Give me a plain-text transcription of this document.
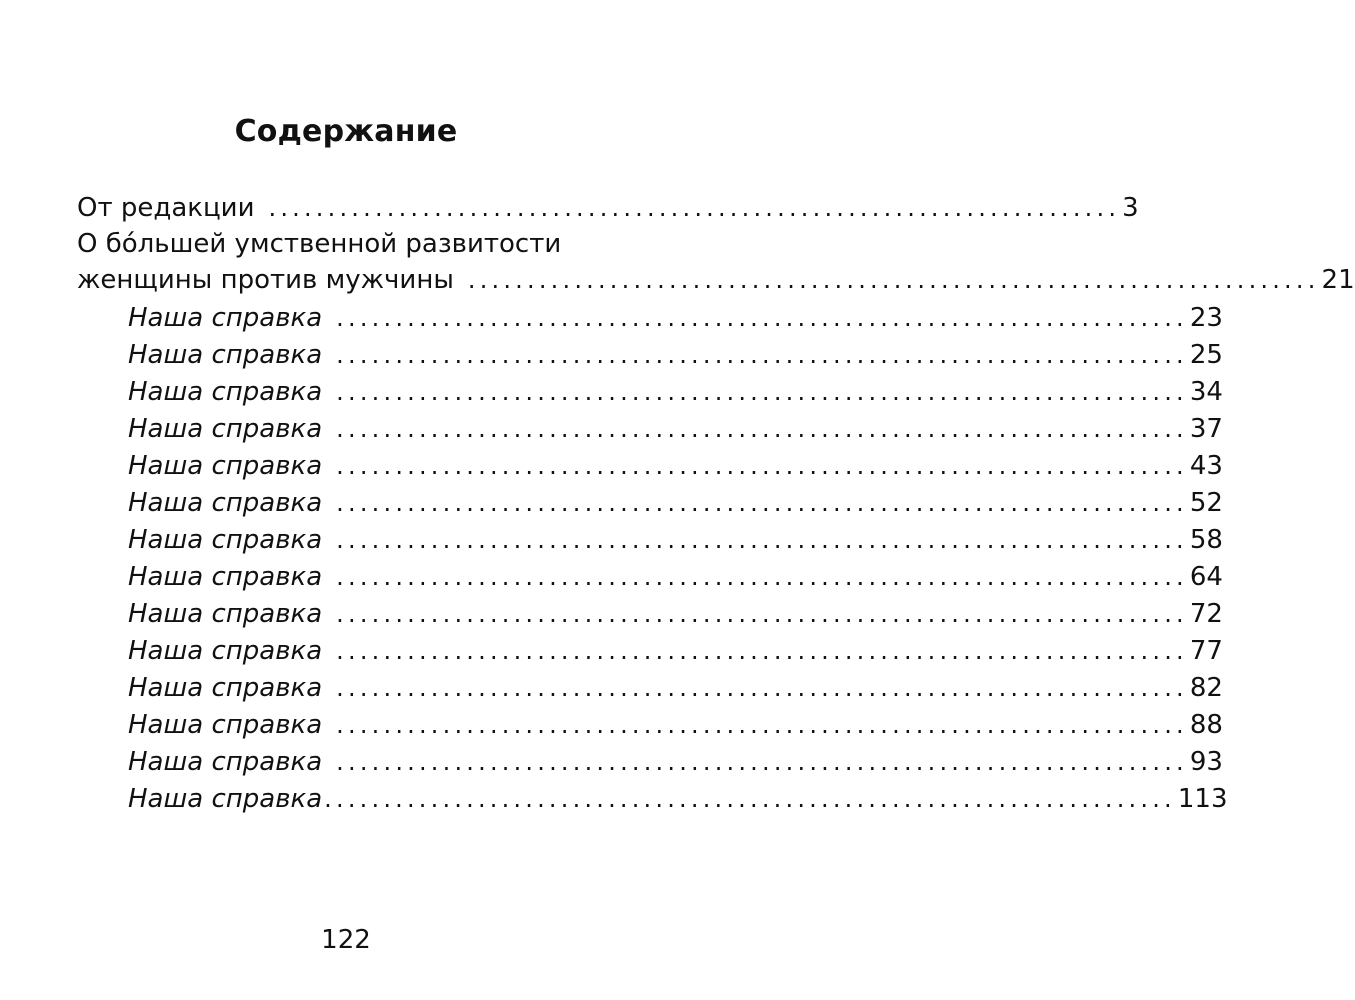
Содержание
От редакции ........................................................................ 3
О бóльшей умственной развитости
женщины против мужчины ........................................................................ 21
Наша справка ........................................................................ 23
Наша справка ........................................................................ 25
Наша справка ........................................................................ 34
Наша справка ........................................................................ 37
Наша справка ........................................................................ 43
Наша справка ........................................................................ 52
Наша справка ........................................................................ 58
Наша справка ........................................................................ 64
Наша справка ........................................................................ 72
Наша справка ........................................................................ 77
Наша справка ........................................................................ 82
Наша справка ........................................................................ 88
Наша справка ........................................................................ 93
Наша справка ........................................................................ 113
122
